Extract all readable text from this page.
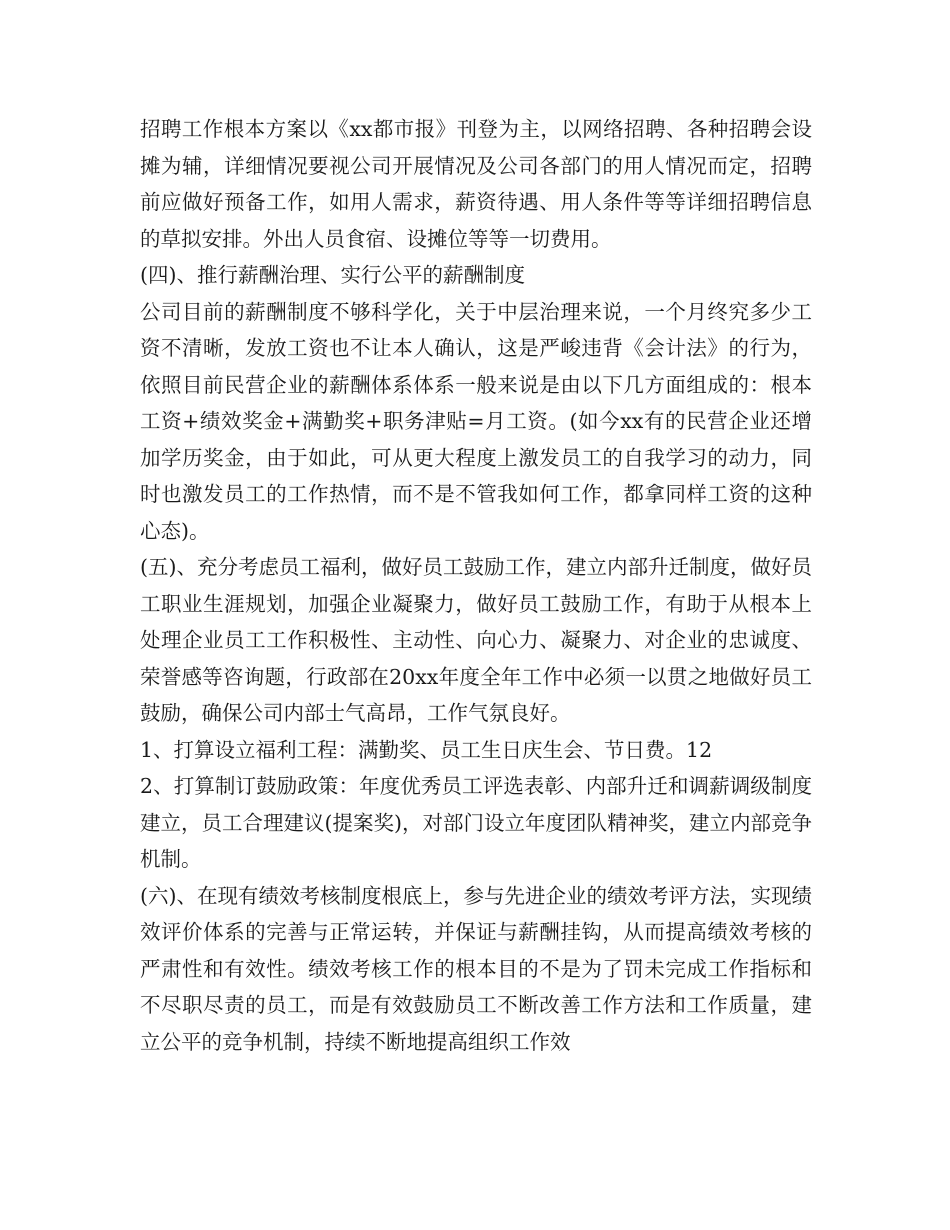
招聘工作根本方案以《xx都市报》刊登为主，以网络招聘、各种招聘会设摊为辅，详细情况要视公司开展情况及公司各部门的用人情况而定，招聘前应做好预备工作，如用人需求，薪资待遇、用人条件等等详细招聘信息的草拟安排。外出人员食宿、设摊位等等一切费用。

(四)、推行薪酬治理、实行公平的薪酬制度

公司目前的薪酬制度不够科学化，关于中层治理来说，一个月终究多少工资不清晰，发放工资也不让本人确认，这是严峻违背《会计法》的行为，依照目前民营企业的薪酬体系体系一般来说是由以下几方面组成的：根本工资+绩效奖金+满勤奖+职务津贴=月工资。(如今xx有的民营企业还增加学历奖金，由于如此，可从更大程度上激发员工的自我学习的动力，同时也激发员工的工作热情，而不是不管我如何工作，都拿同样工资的这种心态)。

(五)、充分考虑员工福利，做好员工鼓励工作，建立内部升迁制度，做好员工职业生涯规划，加强企业凝聚力，做好员工鼓励工作，有助于从根本上处理企业员工工作积极性、主动性、向心力、凝聚力、对企业的忠诚度、荣誉感等咨询题，行政部在20xx年度全年工作中必须一以贯之地做好员工鼓励，确保公司内部士气高昂，工作气氛良好。

1、打算设立福利工程：满勤奖、员工生日庆生会、节日费。12

2、打算制订鼓励政策：年度优秀员工评选表彰、内部升迁和调薪调级制度建立，员工合理建议(提案奖)，对部门设立年度团队精神奖，建立内部竞争机制。

(六)、在现有绩效考核制度根底上，参与先进企业的绩效考评方法，实现绩效评价体系的完善与正常运转，并保证与薪酬挂钩，从而提高绩效考核的严肃性和有效性。绩效考核工作的根本目的不是为了罚未完成工作指标和不尽职尽责的员工，而是有效鼓励员工不断改善工作方法和工作质量，建立公平的竞争机制，持续不断地提高组织工作效
